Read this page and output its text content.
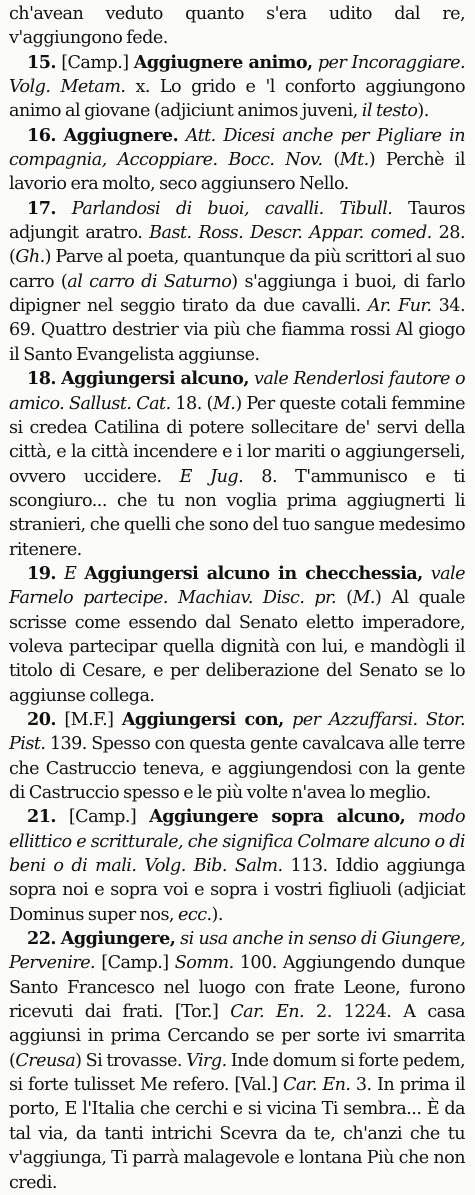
ch'avean veduto quanto s'era udito dal re, v'aggiungono fede.

15. [Camp.] Aggiugnere animo, per Incoraggiare. Volg. Metam. x. Lo grido e 'l conforto aggiungono animo al giovane (adjiciunt animos juveni, il testo).

16. Aggiugnere. Att. Dicesi anche per Pigliare in compagnia, Accoppiare. Bocc. Nov. (Mt.) Perchè il lavorio era molto, seco aggiunsero Nello.

17. Parlandosi di buoi, cavalli. Tibull. Tauros adjungit aratro. Bast. Ross. Descr. Appar. comed. 28. (Gh.) Parve al poeta, quantunque da più scrittori al suo carro (al carro di Saturno) s'aggiunga i buoi, di farlo dipigner nel seggio tirato da due cavalli. Ar. Fur. 34. 69. Quattro destrier via più che fiamma rossi Al giogo il Santo Evangelista aggiunse.

18. Aggiungersi alcuno, vale Renderlosi fautore o amico. Sallust. Cat. 18. (M.) Per queste cotali femmine si credea Catilina di potere sollecitare de' servi della città, e la città incendere e i lor mariti o aggiungerseli, ovvero uccidere. E Jug. 8. T'ammunisco e ti scongiuro... che tu non voglia prima aggiugnerti li stranieri, che quelli che sono del tuo sangue medesimo ritenere.

19. E Aggiungersi alcuno in checchessia, vale Farnelo partecipe. Machiav. Disc. pr. (M.) Al quale scrisse come essendo dal Senato eletto imperadore, voleva partecipar quella dignità con lui, e mandògli il titolo di Cesare, e per deliberazione del Senato se lo aggiunse collega.

20. [M.F.] Aggiungersi con, per Azzuffarsi. Stor. Pist. 139. Spesso con questa gente cavalcava alle terre che Castruccio teneva, e aggiungendosi con la gente di Castruccio spesso e le più volte n'avea lo meglio.

21. [Camp.] Aggiungere sopra alcuno, modo ellittico e scritturale, che significa Colmare alcuno o di beni o di mali. Volg. Bib. Salm. 113. Iddio aggiunga sopra noi e sopra voi e sopra i vostri figliuoli (adjiciat Dominus super nos, ecc.).

22. Aggiungere, si usa anche in senso di Giungere, Pervenire. [Camp.] Somm. 100. Aggiungendo dunque Santo Francesco nel luogo con frate Leone, furono ricevuti dai frati. [Tor.] Car. En. 2. 1224. A casa aggiunsi in prima Cercando se per sorte ivi smarrita (Creusa) Si trovasse. Virg. Inde domum si forte pedem, si forte tulisset Me refero. [Val.] Car. En. 3. In prima il porto, E l'Italia che cerchi e si vicina Ti sembra... È da tal via, da tanti intrichi Scevra da te, ch'anzi che tu v'aggiunga, Ti parrà malagevole e lontana Più che non credi.
